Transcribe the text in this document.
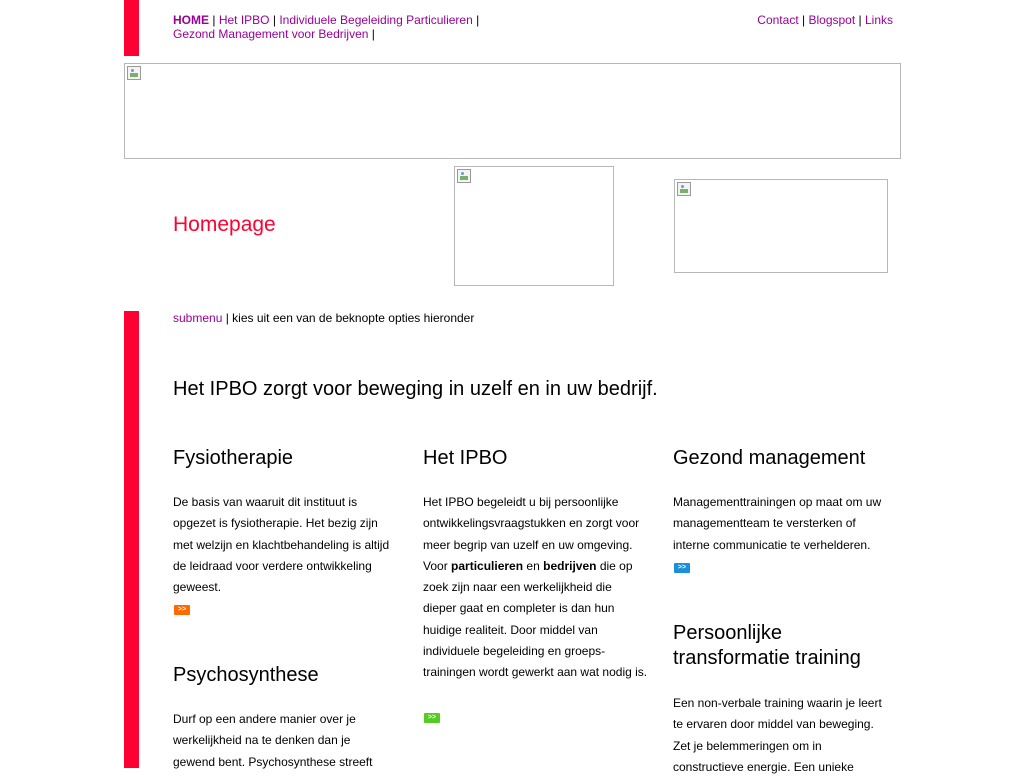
HOME | Het IPBO | Individuele Begeleiding Particulieren | Gezond Management voor Bedrijven |
Contact | Blogspot | Links
Homepage
submenu | kies uit een van de beknopte opties hieronder
Het IPBO zorgt voor beweging in uzelf en in uw bedrijf.
Fysiotherapie
De basis van waaruit dit instituut is opgezet is fysiotherapie. Het bezig zijn met welzijn en klachtbehandeling is altijd de leidraad voor verdere ontwikkeling geweest.
>>
Psychosynthese
Durf op een andere manier over je werkelijkheid na te denken dan je gewend bent. Psychosynthese streeft
Het IPBO
Het IPBO begeleidt u bij persoonlijke ontwikkelingsvraagstukken en zorgt voor meer begrip van uzelf en uw omgeving. Voor particulieren en bedrijven die op zoek zijn naar een werkelijkheid die dieper gaat en completer is dan hun huidige realiteit. Door middel van individuele begeleiding en groeps-trainingen wordt gewerkt aan wat nodig is.
>>
Gezond management
Managementtrainingen op maat om uw managementteam te versterken of interne communicatie te verhelderen.
>>
Persoonlijke transformatie training
Een non-verbale training waarin je leert te ervaren door middel van beweging. Zet je belemmeringen om in constructieve energie. Een unieke
